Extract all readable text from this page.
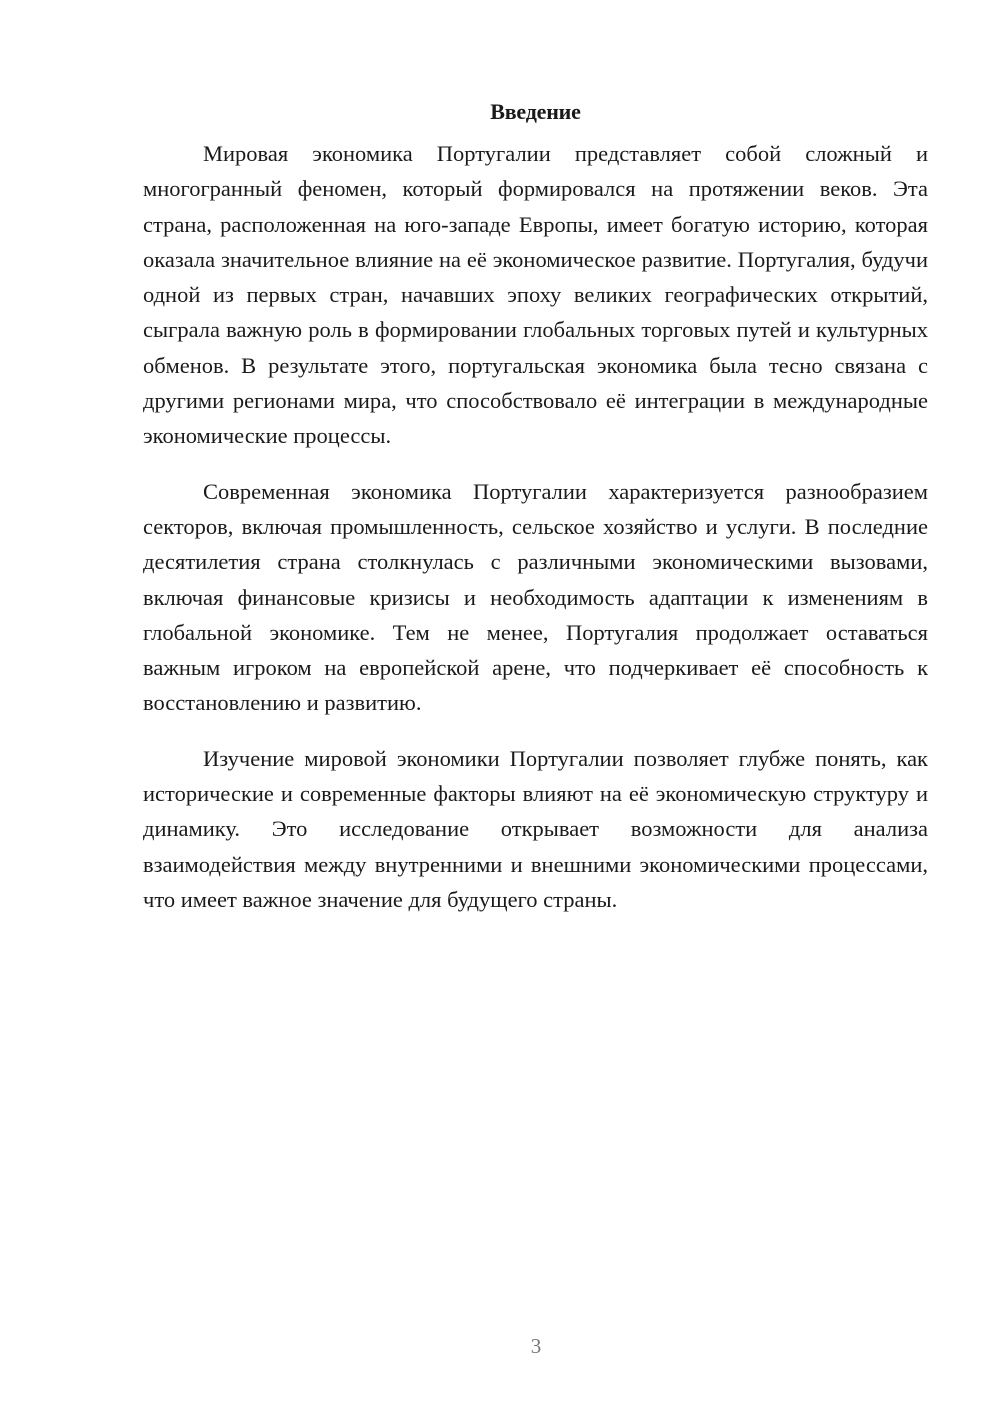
Введение

Мировая экономика Португалии представляет собой сложный и многогранный феномен, который формировался на протяжении веков. Эта страна, расположенная на юго-западе Европы, имеет богатую историю, которая оказала значительное влияние на её экономическое развитие. Португалия, будучи одной из первых стран, начавших эпоху великих географических открытий, сыграла важную роль в формировании глобальных торговых путей и культурных обменов. В результате этого, португальская экономика была тесно связана с другими регионами мира, что способствовало её интеграции в международные экономические процессы.

Современная экономика Португалии характеризуется разнообразием секторов, включая промышленность, сельское хозяйство и услуги. В последние десятилетия страна столкнулась с различными экономическими вызовами, включая финансовые кризисы и необходимость адаптации к изменениям в глобальной экономике. Тем не менее, Португалия продолжает оставаться важным игроком на европейской арене, что подчеркивает её способность к восстановлению и развитию.

Изучение мировой экономики Португалии позволяет глубже понять, как исторические и современные факторы влияют на её экономическую структуру и динамику. Это исследование открывает возможности для анализа взаимодействия между внутренними и внешними экономическими процессами, что имеет важное значение для будущего страны.

3
